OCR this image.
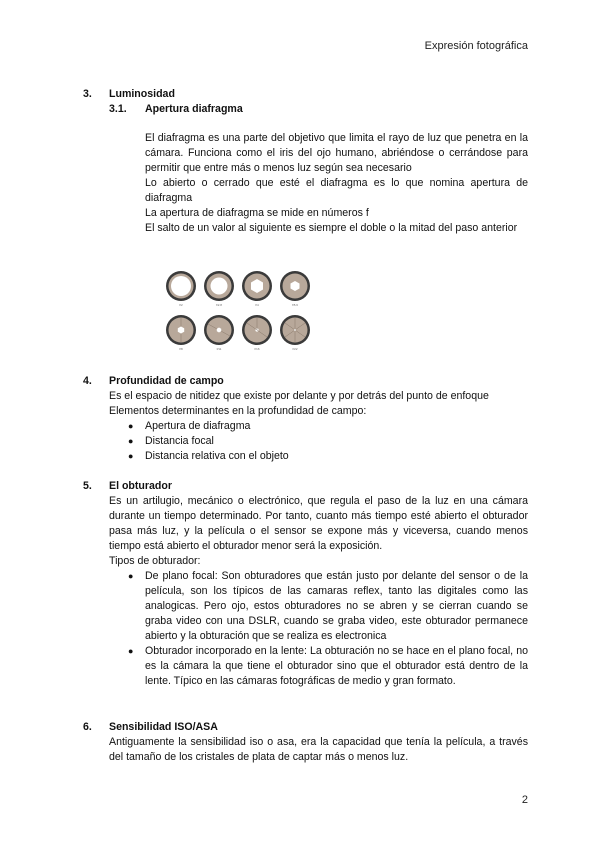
Expresión fotográfica
3. Luminosidad
3.1. Apertura diafragma

El diafragma es una parte del objetivo que limita el rayo de luz que penetra en la cámara. Funciona como el iris del ojo humano, abriéndose o cerrándose para permitir que entre más o menos luz según sea necesario

Lo abierto o cerrado que esté el diafragma es lo que nomina apertura de diafragma

La apertura de diafragma se mide en números f

El salto de un valor al siguiente es siempre el doble o la mitad del paso anterior

f/2	f/2.8	f/4	f/5.6
f/8	f/11	f/16	f/22
4. Profundidad de campo

Es el espacio de nitidez que existe por delante y por detrás del punto de enfoque

Elementos determinantes en la profundidad de campo:

● Apertura de diafragma
● Distancia focal
● Distancia relativa con el objeto
5. El obturador

Es un artilugio, mecánico o electrónico, que regula el paso de la luz en una cámara durante un tiempo determinado. Por tanto, cuanto más tiempo esté abierto el obturador pasa más luz, y la película o el sensor se expone más y viceversa, cuando menos tiempo está abierto el obturador menor será la exposición.

Tipos de obturador:

● De plano focal: Son obturadores que están justo por delante del sensor o de la película, son los típicos de las camaras reflex, tanto las digitales como las analogicas. Pero ojo, estos obturadores no se abren y se cierran cuando se graba video con una DSLR, cuando se graba video, este obturador permanece abierto y la obturación que se realiza es electronica
● Obturador incorporado en la lente: La obturación no se hace en el plano focal, no es la cámara la que tiene el obturador sino que el obturador está dentro de la lente. Típico en las cámaras fotográficas de medio y gran formato.
6. Sensibilidad ISO/ASA

Antiguamente la sensibilidad iso o asa, era la capacidad que tenía la película, a través del tamaño de los cristales de plata de captar más o menos luz.

2
